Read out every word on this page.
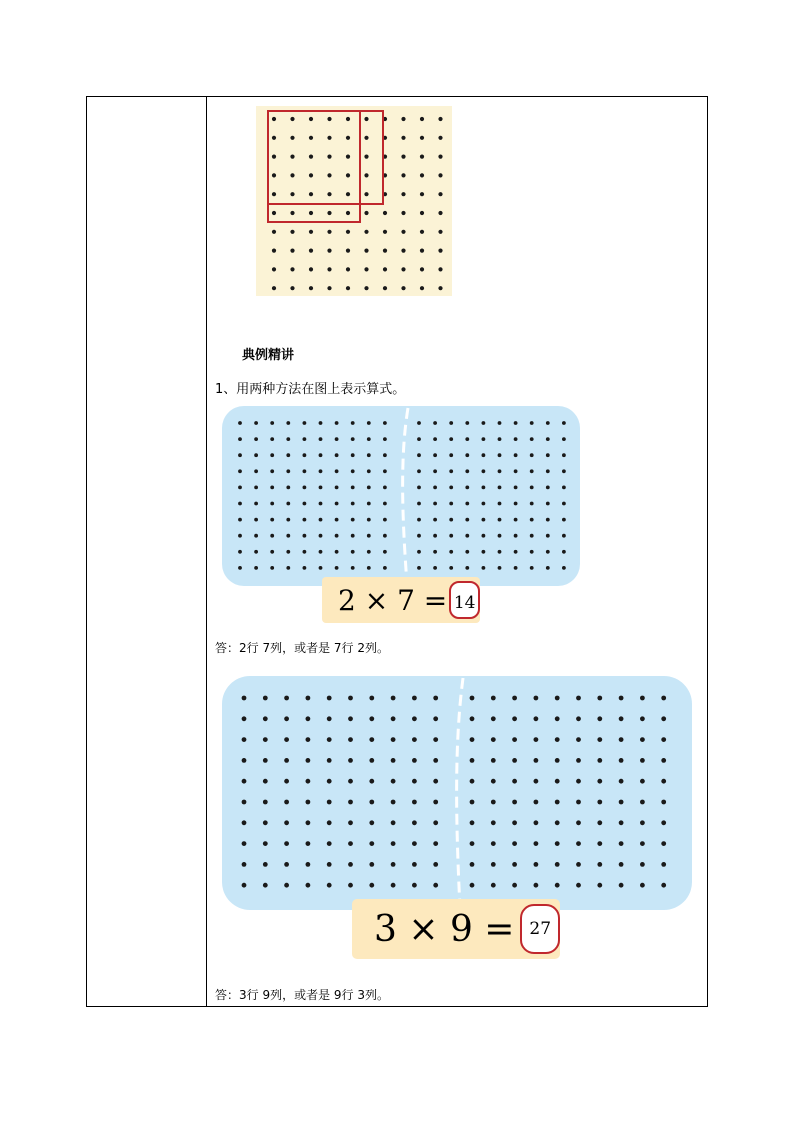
典例精讲
1、用两种方法在图上表示算式。
2 × 7 = 14
答：2行 7列，或者是 7行 2列。
3 × 9 = 27
答：3行 9列，或者是 9行 3列。
